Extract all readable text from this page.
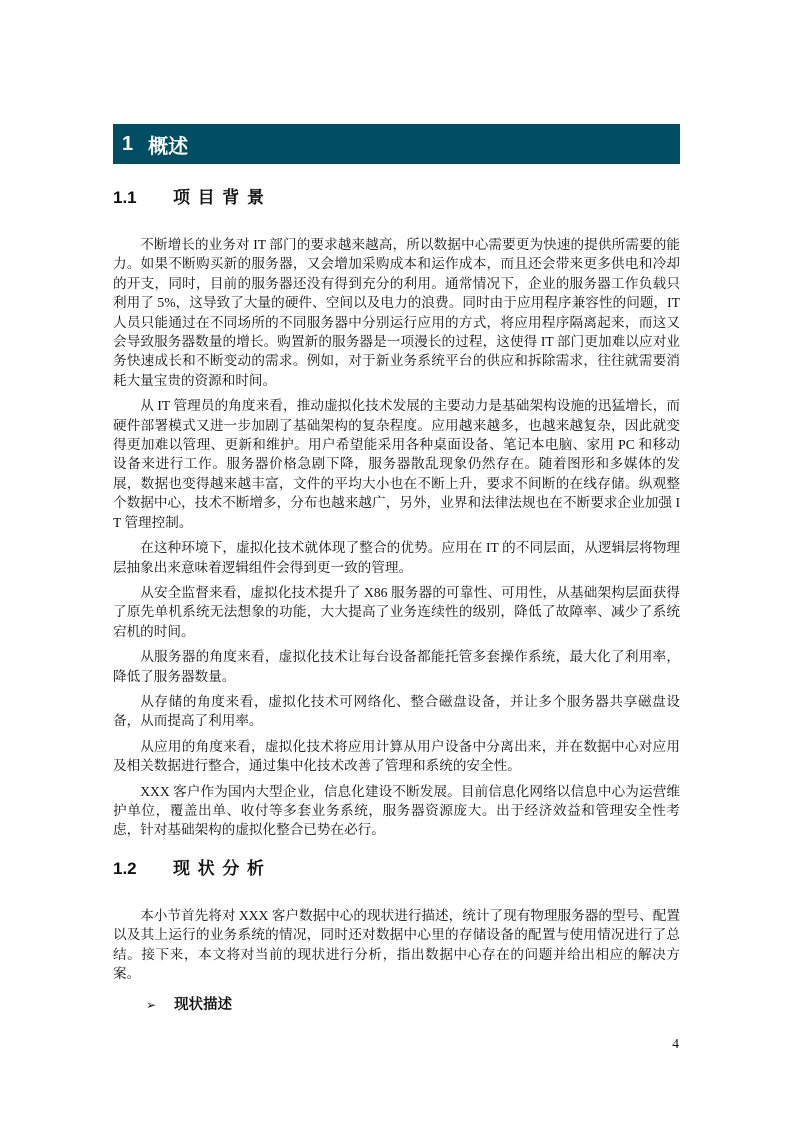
1 概述
1.1	项目背景

不断增长的业务对 IT 部门的要求越来越高，所以数据中心需要更为快速的提供所需要的能力。如果不断购买新的服务器，又会增加采购成本和运作成本，而且还会带来更多供电和冷却的开支，同时，目前的服务器还没有得到充分的利用。通常情况下，企业的服务器工作负载只利用了 5%，这导致了大量的硬件、空间以及电力的浪费。同时由于应用程序兼容性的问题，IT 人员只能通过在不同场所的不同服务器中分别运行应用的方式，将应用程序隔离起来，而这又会导致服务器数量的增长。购置新的服务器是一项漫长的过程，这使得 IT 部门更加难以应对业务快速成长和不断变动的需求。例如，对于新业务系统平台的供应和拆除需求，往往就需要消耗大量宝贵的资源和时间。

从 IT 管理员的角度来看，推动虚拟化技术发展的主要动力是基础架构设施的迅猛增长，而硬件部署模式又进一步加剧了基础架构的复杂程度。应用越来越多，也越来越复杂，因此就变得更加难以管理、更新和维护。用户希望能采用各种桌面设备、笔记本电脑、家用 PC 和移动设备来进行工作。服务器价格急剧下降，服务器散乱现象仍然存在。随着图形和多媒体的发展，数据也变得越来越丰富，文件的平均大小也在不断上升，要求不间断的在线存储。纵观整个数据中心，技术不断增多，分布也越来越广，另外，业界和法律法规也在不断要求企业加强 IT 管理控制。

在这种环境下，虚拟化技术就体现了整合的优势。应用在 IT 的不同层面，从逻辑层将物理层抽象出来意味着逻辑组件会得到更一致的管理。

从安全监督来看，虚拟化技术提升了 X86 服务器的可靠性、可用性，从基础架构层面获得了原先单机系统无法想象的功能，大大提高了业务连续性的级别，降低了故障率、减少了系统宕机的时间。

从服务器的角度来看，虚拟化技术让每台设备都能托管多套操作系统，最大化了利用率，降低了服务器数量。

从存储的角度来看，虚拟化技术可网络化、整合磁盘设备，并让多个服务器共享磁盘设备，从而提高了利用率。

从应用的角度来看，虚拟化技术将应用计算从用户设备中分离出来，并在数据中心对应用及相关数据进行整合，通过集中化技术改善了管理和系统的安全性。

XXX 客户作为国内大型企业，信息化建设不断发展。目前信息化网络以信息中心为运营维护单位，覆盖出单、收付等多套业务系统，服务器资源庞大。出于经济效益和管理安全性考虑，针对基础架构的虚拟化整合已势在必行。

1.2	现状分析

本小节首先将对 XXX 客户数据中心的现状进行描述，统计了现有物理服务器的型号、配置以及其上运行的业务系统的情况，同时还对数据中心里的存储设备的配置与使用情况进行了总结。接下来，本文将对当前的现状进行分析，指出数据中心存在的问题并给出相应的解决方案。

➢ 现状描述
4
